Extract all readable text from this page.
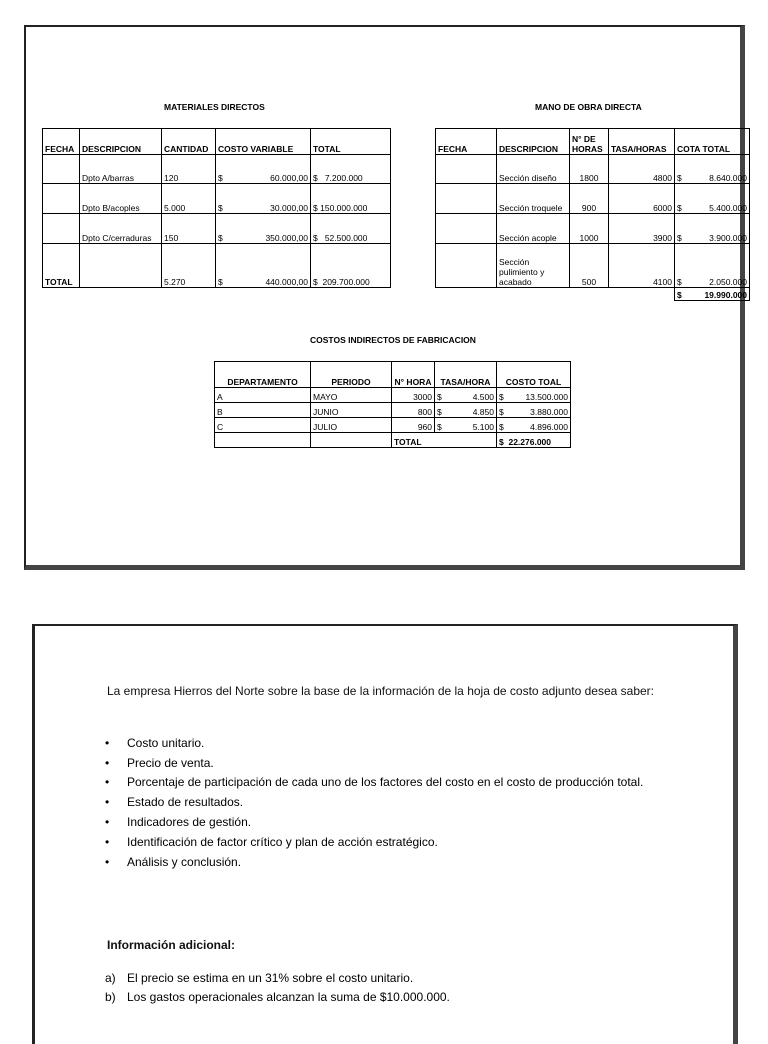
MATERIALES DIRECTOS
FECHA	DESCRIPCION	CANTIDAD	COSTO VARIABLE	TOTAL
	Dpto A/barras	120	$ 60.000,00	$ 7.200.000
	Dpto B/acoples	5.000	$ 30.000,00	$ 150.000.000
	Dpto C/cerraduras	150	$ 350.000,00	$ 52.500.000
TOTAL		5.270	$ 440.000,00	$ 209.700.000
MANO DE OBRA DIRECTA
FECHA	DESCRIPCION	N° DE HORAS	TASA/HORAS	COTA TOTAL
	Sección diseño	1800	4800	$ 8.640.000

	Sección troquele	900	6000	$ 5.400.000

	Sección acople	1000	3900	$ 3.900.000

	Sección pulimiento y acabado	500	4100	$ 2.050.000

				$ 19.990.000
COSTOS INDIRECTOS DE FABRICACION
DEPARTAMENTO	PERIODO	N° HORA	TASA/HORA	COSTO TOAL
A	MAYO	3000	$ 4.500	$ 13.500.000

B	JUNIO	800	$ 4.850	$ 3.880.000

C	JULIO	960	$ 5.100	$ 4.896.000

		TOTAL		$ 22.276.000
La empresa Hierros del Norte sobre la base de la información de la hoja de costo adjunto desea saber:
• Costo unitario.
• Precio de venta.
• Porcentaje de participación de cada uno de los factores del costo en el costo de producción total.
• Estado de resultados.
• Indicadores de gestión.
• Identificación de factor crítico y plan de acción estratégico.
• Análisis y conclusión.
Información adicional:
a) El precio se estima en un 31% sobre el costo unitario.
b) Los gastos operacionales alcanzan la suma de $10.000.000.
